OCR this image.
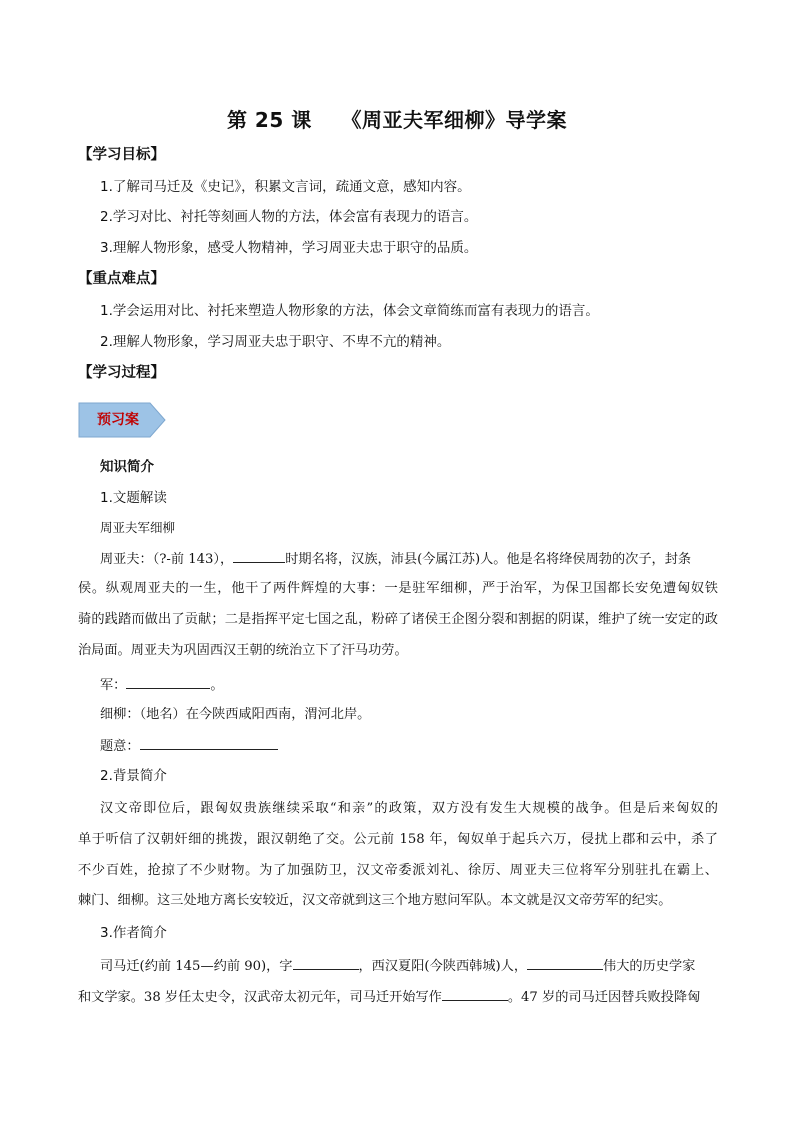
第 25 课    《周亚夫军细柳》导学案
【学习目标】
1.了解司马迁及《史记》，积累文言词，疏通文意，感知内容。
2.学习对比、衬托等刻画人物的方法，体会富有表现力的语言。
3.理解人物形象，感受人物精神，学习周亚夫忠于职守的品质。
【重点难点】
1.学会运用对比、衬托来塑造人物形象的方法，体会文章简练而富有表现力的语言。
2.理解人物形象，学习周亚夫忠于职守、不卑不亢的精神。
【学习过程】
预习案
知识简介
1.文题解读
周亚夫军细柳
周亚夫：（?-前 143），	时期名将，汉族，沛县(今属江苏)人。他是名将绛侯周勃的次子，封条
侯。纵观周亚夫的一生，他干了两件辉煌的大事：一是驻军细柳，严于治军，为保卫国都长安免遭匈奴铁
骑的践踏而做出了贡献；二是指挥平定七国之乱，粉碎了诸侯王企图分裂和割据的阴谋，维护了统一安定的政
治局面。周亚夫为巩固西汉王朝的统治立下了汗马功劳。
军：	。
细柳：（地名）在今陕西咸阳西南，渭河北岸。
题意：
2.背景简介
汉文帝即位后，跟匈奴贵族继续采取“和亲”的政策，双方没有发生大规模的战争。但是后来匈奴的
单于听信了汉朝奸细的挑拨，跟汉朝绝了交。公元前 158 年，匈奴单于起兵六万，侵扰上郡和云中，杀了
不少百姓，抢掠了不少财物。为了加强防卫，汉文帝委派刘礼、徐厉、周亚夫三位将军分别驻扎在霸上、
棘门、细柳。这三处地方离长安较近，汉文帝就到这三个地方慰问军队。本文就是汉文帝劳军的纪实。
3.作者简介
司马迁(约前 145—约前 90)，字	，西汉夏阳(今陕西韩城)人，	伟大的历史学家
和文学家。38 岁任太史令，汉武帝太初元年，司马迁开始写作	。47 岁的司马迁因替兵败投降匈
